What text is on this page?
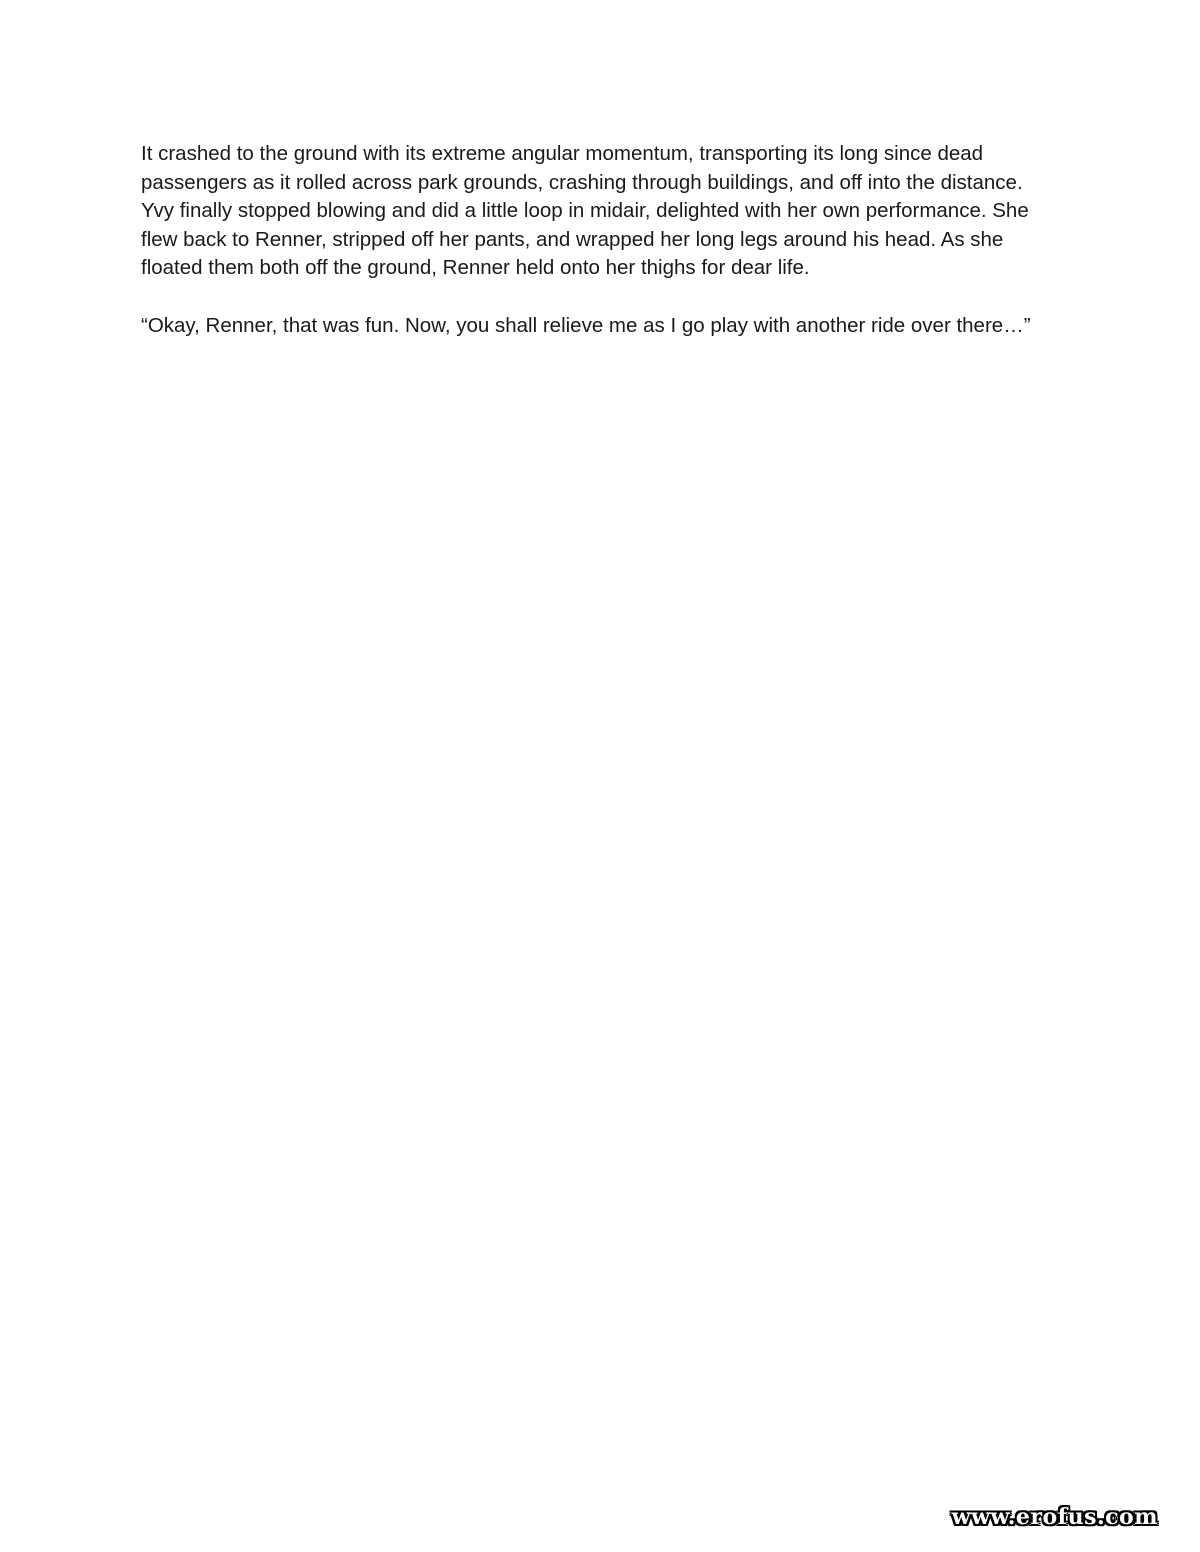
It crashed to the ground with its extreme angular momentum, transporting its long since dead passengers as it rolled across park grounds, crashing through buildings, and off into the distance. Yvy finally stopped blowing and did a little loop in midair, delighted with her own performance. She flew back to Renner, stripped off her pants, and wrapped her long legs around his head. As she floated them both off the ground, Renner held onto her thighs for dear life.

“Okay, Renner, that was fun. Now, you shall relieve me as I go play with another ride over there…”

www.erofus.com
